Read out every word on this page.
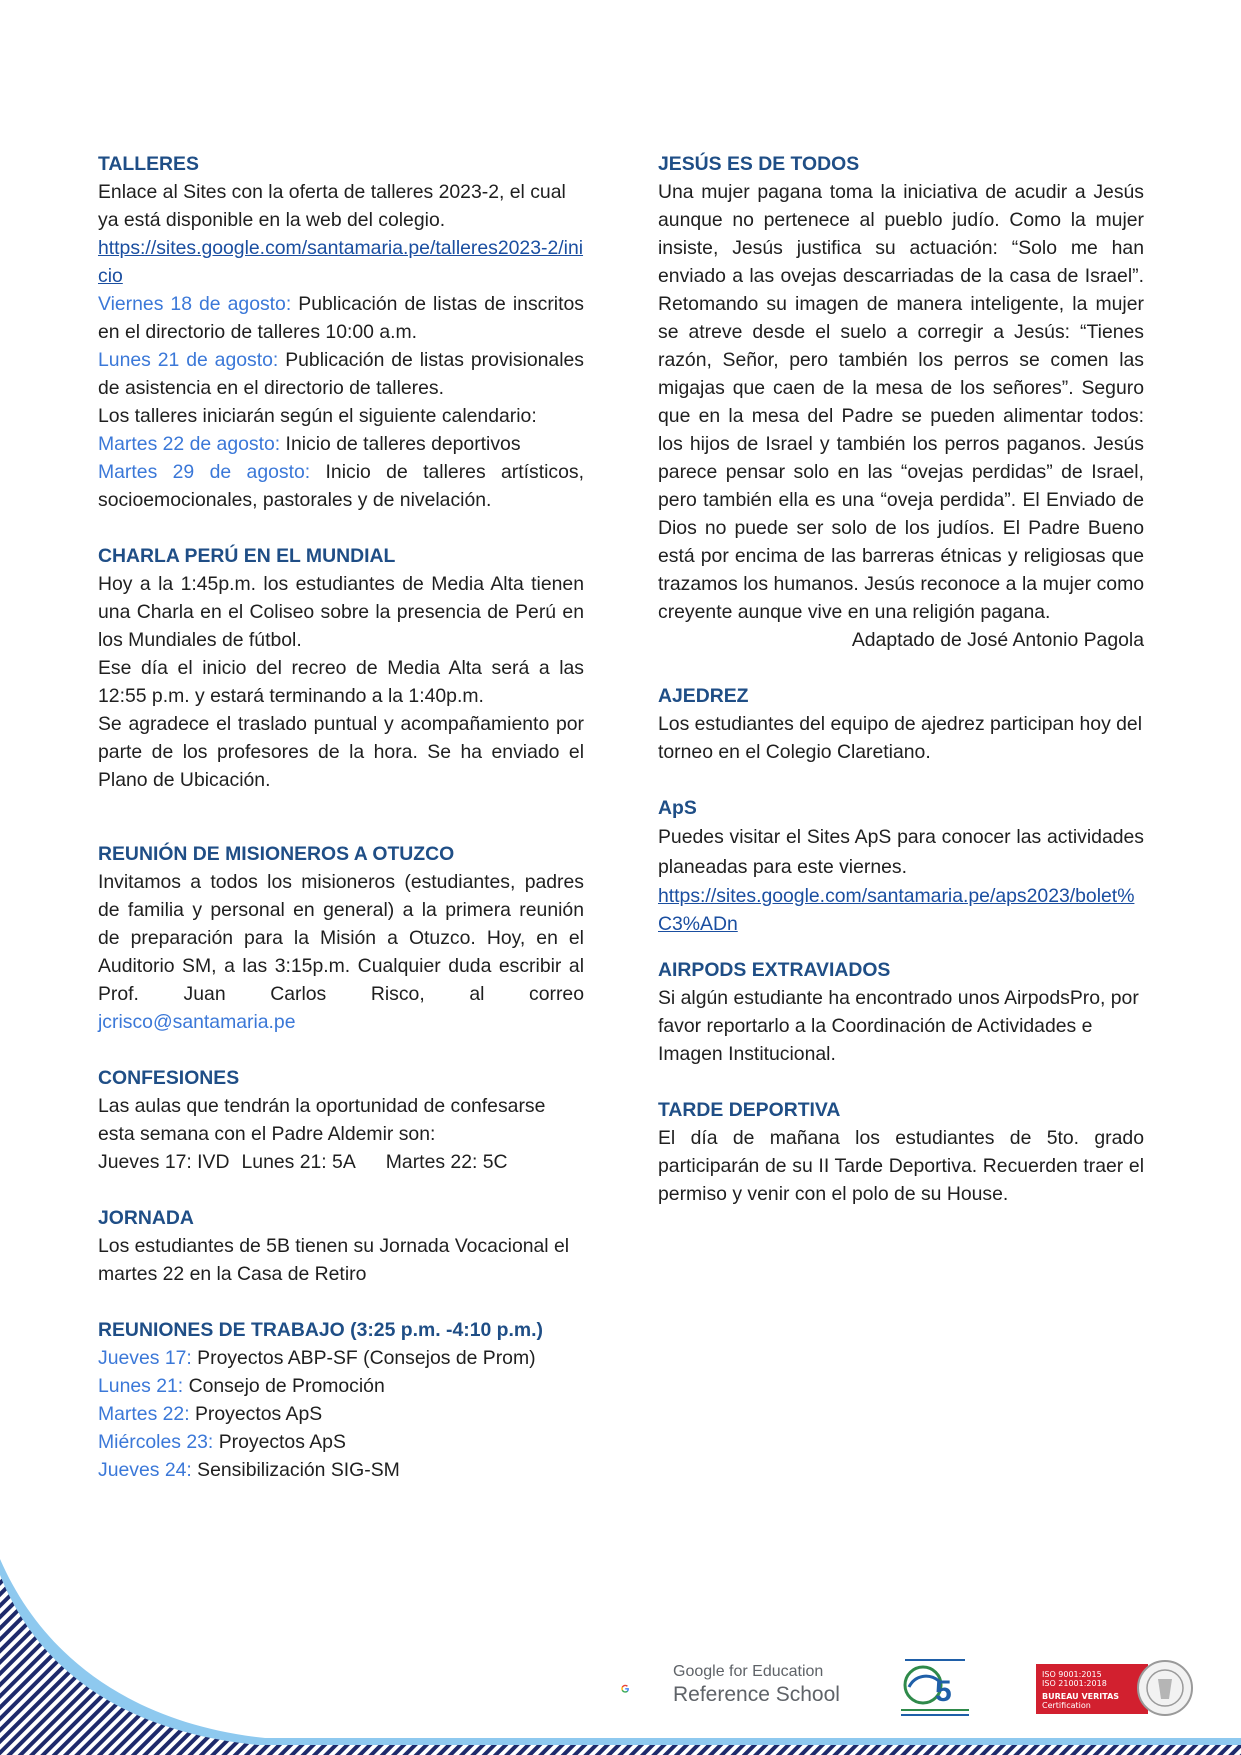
TALLERES

Enlace al Sites con la oferta de talleres 2023-2, el cual ya está disponible en la web del colegio.

https://sites.google.com/santamaria.pe/talleres2023-2/inicio

Viernes 18 de agosto: Publicación de listas de inscritos en el directorio de talleres 10:00 a.m.

Lunes 21 de agosto: Publicación de listas provisionales de asistencia en el directorio de talleres.

Los talleres iniciarán según el siguiente calendario:

Martes 22 de agosto: Inicio de talleres deportivos

Martes 29 de agosto: Inicio de talleres artísticos, socioemocionales, pastorales y de nivelación.

CHARLA PERÚ EN EL MUNDIAL

Hoy a la 1:45p.m. los estudiantes de Media Alta tienen una Charla en el Coliseo sobre la presencia de Perú en los Mundiales de fútbol.

Ese día el inicio del recreo de Media Alta será a las 12:55 p.m. y estará terminando a la 1:40p.m.

Se agradece el traslado puntual y acompañamiento por parte de los profesores de la hora. Se ha enviado el Plano de Ubicación.

REUNIÓN DE MISIONEROS A OTUZCO

Invitamos a todos los misioneros (estudiantes, padres de familia y personal en general) a la primera reunión de preparación para la Misión a Otuzco. Hoy, en el Auditorio SM, a las 3:15p.m. Cualquier duda escribir al Prof. Juan Carlos Risco, al correo jcrisco@santamaria.pe

CONFESIONES

Las aulas que tendrán la oportunidad de confesarse esta semana con el Padre Aldemir son:

Jueves 17: IVD Lunes 21: 5A Martes 22: 5C

JORNADA

Los estudiantes de 5B tienen su Jornada Vocacional el martes 22 en la Casa de Retiro

REUNIONES DE TRABAJO (3:25 p.m. -4:10 p.m.)

Jueves 17: Proyectos ABP-SF (Consejos de Prom)

Lunes 21: Consejo de Promoción

Martes 22: Proyectos ApS

Miércoles 23: Proyectos ApS

Jueves 24: Sensibilización SIG-SM

JESÚS ES DE TODOS

Una mujer pagana toma la iniciativa de acudir a Jesús aunque no pertenece al pueblo judío. Como la mujer insiste, Jesús justifica su actuación: “Solo me han enviado a las ovejas descarriadas de la casa de Israel”. Retomando su imagen de manera inteligente, la mujer se atreve desde el suelo a corregir a Jesús: “Tienes razón, Señor, pero también los perros se comen las migajas que caen de la mesa de los señores”. Seguro que en la mesa del Padre se pueden alimentar todos: los hijos de Israel y también los perros paganos. Jesús parece pensar solo en las “ovejas perdidas” de Israel, pero también ella es una “oveja perdida”. El Enviado de Dios no puede ser solo de los judíos. El Padre Bueno está por encima de las barreras étnicas y religiosas que trazamos los humanos. Jesús reconoce a la mujer como creyente aunque vive en una religión pagana.

Adaptado de José Antonio Pagola

AJEDREZ

Los estudiantes del equipo de ajedrez participan hoy del torneo en el Colegio Claretiano.

ApS

Puedes visitar el Sites ApS para conocer las actividades planeadas para este viernes.

https://sites.google.com/santamaria.pe/aps2023/bolet%C3%ADn

AIRPODS EXTRAVIADOS

Si algún estudiante ha encontrado unos AirpodsPro, por favor reportarlo a la Coordinación de Actividades e Imagen Institucional.

TARDE DEPORTIVA

El día de mañana los estudiantes de 5to. grado participarán de su II Tarde Deportiva. Recuerden traer el permiso y venir con el polo de su House.

Google for Education
Reference School	5
ISO 9001:2015
ISO 21001:2018
BUREAU VERITAS
Certification
